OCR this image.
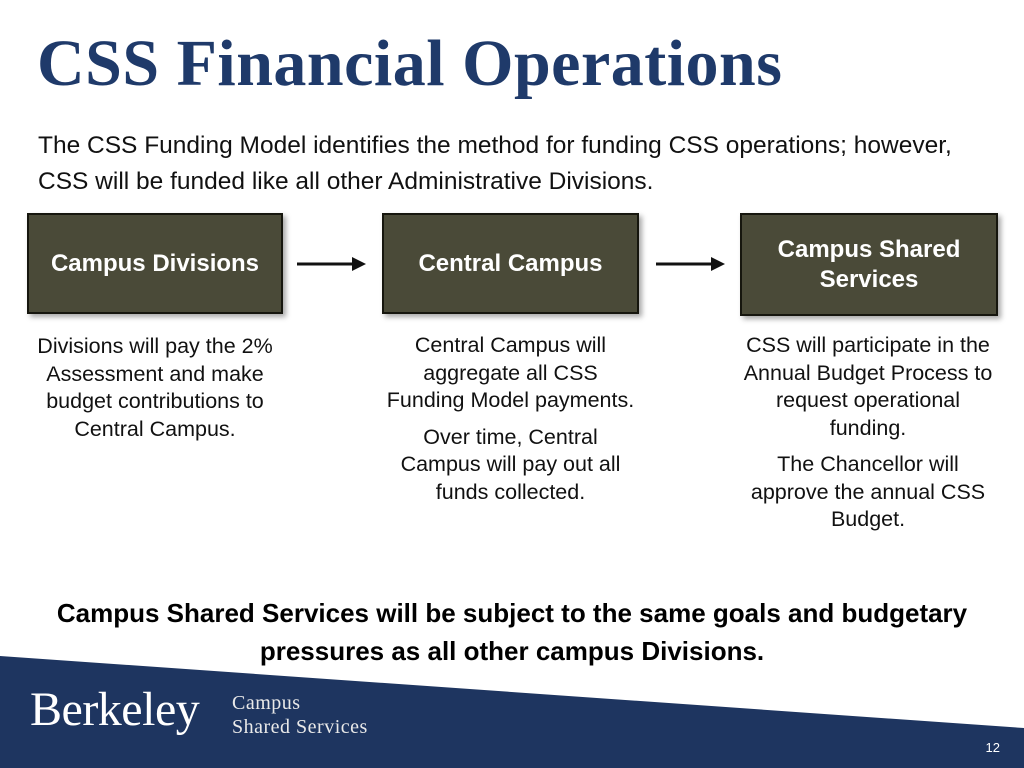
CSS Financial Operations
The CSS Funding Model identifies the method for funding CSS operations; however, CSS will be funded like all other Administrative Divisions.
Campus Divisions	Central Campus
Campus Shared Services

Divisions will pay the 2% Assessment and make budget contributions to Central Campus.

Central Campus will aggregate all CSS Funding Model payments.

Over time, Central Campus will pay out all funds collected.

CSS will participate in the Annual Budget Process to request operational funding.

The Chancellor will approve the annual CSS Budget.

Campus Shared Services will be subject to the same goals and budgetary pressures as all other campus Divisions.
Berkeley Campus
Shared Services
12
